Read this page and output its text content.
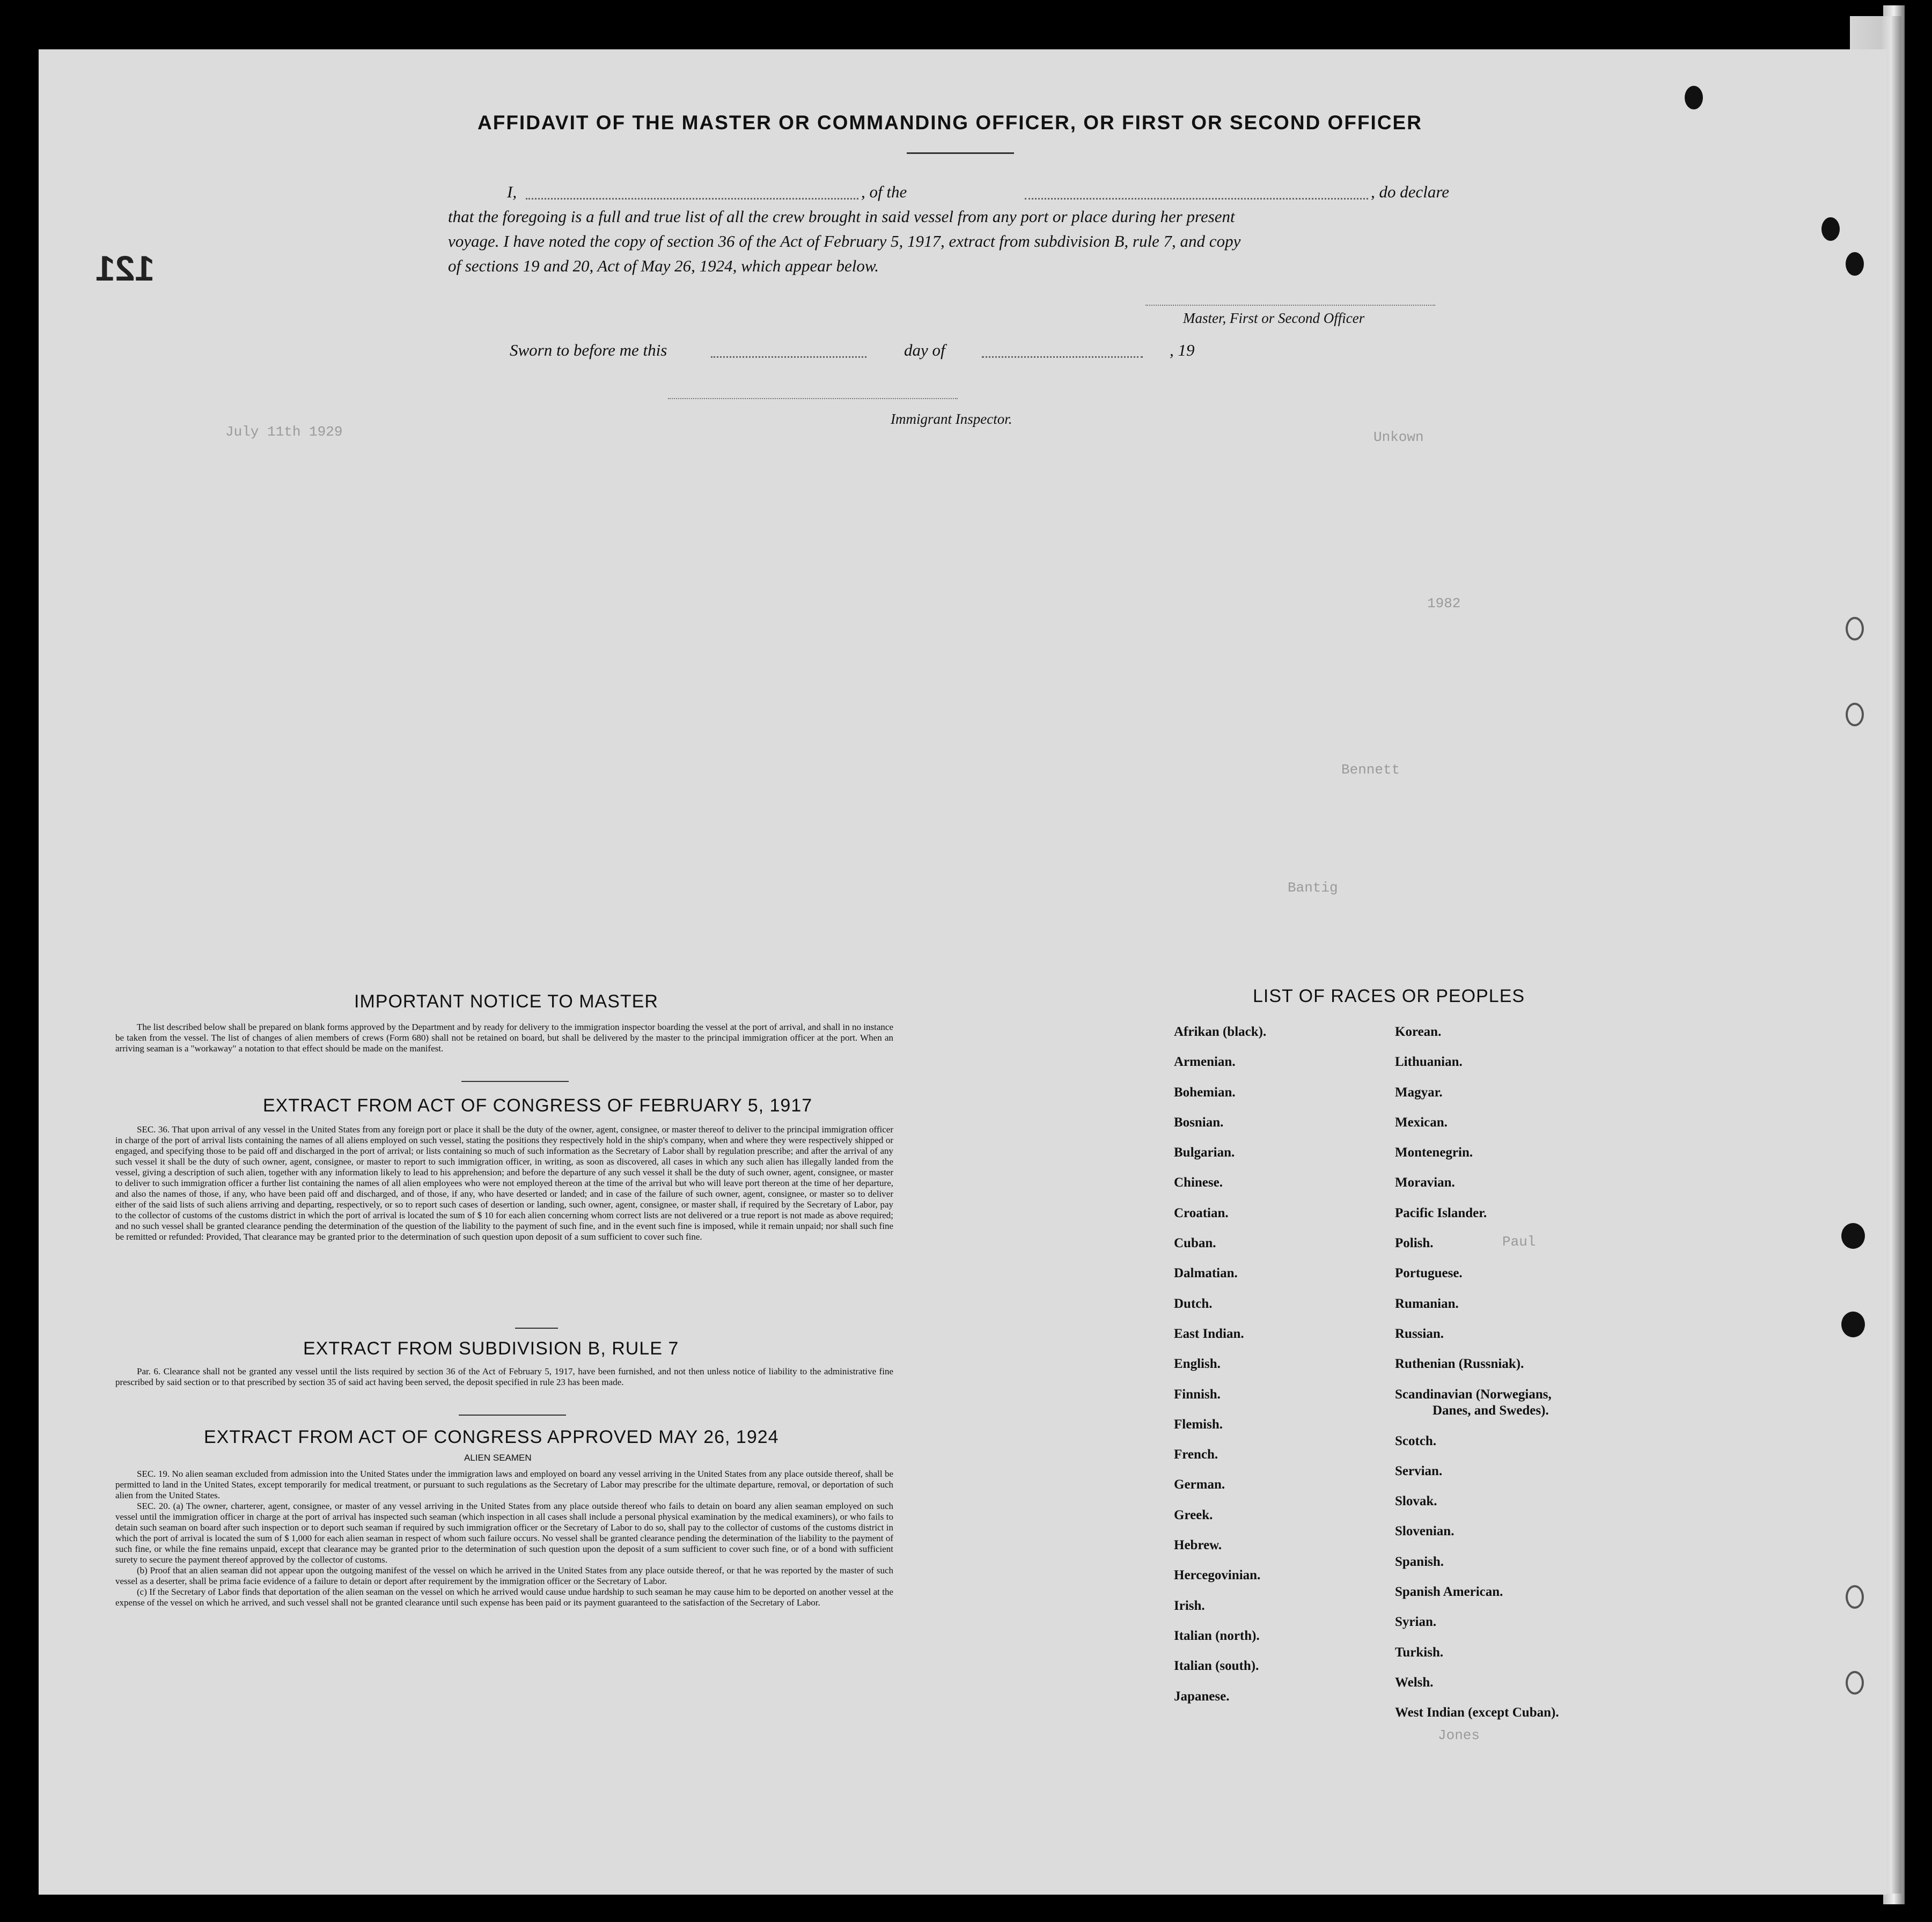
July 11th 1929	Unkown
1982
Bennett
Bantig
Paul
Jones
121
AFFIDAVIT OF THE MASTER OR COMMANDING OFFICER, OR FIRST OR SECOND OFFICER
I,	, of the	, do declare
that the foregoing is a full and true list of all the crew brought in said vessel from any port or place during her present
voyage. I have noted the copy of section 36 of the Act of February 5, 1917, extract from subdivision B, rule 7, and copy
of sections 19 and 20, Act of May 26, 1924, which appear below.
Master, First or Second Officer
Sworn to before me this	day of	, 19
Immigrant Inspector.
IMPORTANT NOTICE TO MASTER

The list described below shall be prepared on blank forms approved by the Department and by ready for delivery to the immigration inspector boarding the vessel at the port of arrival, and shall in no instance be taken from the vessel. The list of changes of alien members of crews (Form 680) shall not be retained on board, but shall be delivered by the master to the principal immigration officer at the port. When an arriving seaman is a "workaway" a notation to that effect should be made on the manifest.

EXTRACT FROM ACT OF CONGRESS OF FEBRUARY 5, 1917

SEC. 36. That upon arrival of any vessel in the United States from any foreign port or place it shall be the duty of the owner, agent, consignee, or master thereof to deliver to the principal immigration officer in charge of the port of arrival lists containing the names of all aliens employed on such vessel, stating the positions they respectively hold in the ship's company, when and where they were respectively shipped or engaged, and specifying those to be paid off and discharged in the port of arrival; or lists containing so much of such information as the Secretary of Labor shall by regulation prescribe; and after the arrival of any such vessel it shall be the duty of such owner, agent, consignee, or master to report to such immigration officer, in writing, as soon as discovered, all cases in which any such alien has illegally landed from the vessel, giving a description of such alien, together with any information likely to lead to his apprehension; and before the departure of any such vessel it shall be the duty of such owner, agent, consignee, or master to deliver to such immigration officer a further list containing the names of all alien employees who were not employed thereon at the time of the arrival but who will leave port thereon at the time of her departure, and also the names of those, if any, who have been paid off and discharged, and of those, if any, who have deserted or landed; and in case of the failure of such owner, agent, consignee, or master so to deliver either of the said lists of such aliens arriving and departing, respectively, or so to report such cases of desertion or landing, such owner, agent, consignee, or master shall, if required by the Secretary of Labor, pay to the collector of customs of the customs district in which the port of arrival is located the sum of $ 10 for each alien concerning whom correct lists are not delivered or a true report is not made as above required; and no such vessel shall be granted clearance pending the determination of the question of the liability to the payment of such fine, and in the event such fine is imposed, while it remain unpaid; nor shall such fine be remitted or refunded: Provided, That clearance may be granted prior to the determination of such question upon deposit of a sum sufficient to cover such fine.

EXTRACT FROM SUBDIVISION B, RULE 7

Par. 6. Clearance shall not be granted any vessel until the lists required by section 36 of the Act of February 5, 1917, have been furnished, and not then unless notice of liability to the administrative fine prescribed by said section or to that prescribed by section 35 of said act having been served, the deposit specified in rule 23 has been made.

EXTRACT FROM ACT OF CONGRESS APPROVED MAY 26, 1924
ALIEN SEAMEN

SEC. 19. No alien seaman excluded from admission into the United States under the immigration laws and employed on board any vessel arriving in the United States from any place outside thereof, shall be permitted to land in the United States, except temporarily for medical treatment, or pursuant to such regulations as the Secretary of Labor may prescribe for the ultimate departure, removal, or deportation of such alien from the United States.

SEC. 20. (a) The owner, charterer, agent, consignee, or master of any vessel arriving in the United States from any place outside thereof who fails to detain on board any alien seaman employed on such vessel until the immigration officer in charge at the port of arrival has inspected such seaman (which inspection in all cases shall include a personal physical examination by the medical examiners), or who fails to detain such seaman on board after such inspection or to deport such seaman if required by such immigration officer or the Secretary of Labor to do so, shall pay to the collector of customs of the customs district in which the port of arrival is located the sum of $ 1,000 for each alien seaman in respect of whom such failure occurs. No vessel shall be granted clearance pending the determination of the liability to the payment of such fine, or while the fine remains unpaid, except that clearance may be granted prior to the determination of such question upon the deposit of a sum sufficient to cover such fine, or of a bond with sufficient surety to secure the payment thereof approved by the collector of customs.

(b) Proof that an alien seaman did not appear upon the outgoing manifest of the vessel on which he arrived in the United States from any place outside thereof, or that he was reported by the master of such vessel as a deserter, shall be prima facie evidence of a failure to detain or deport after requirement by the immigration officer or the Secretary of Labor.

(c) If the Secretary of Labor finds that deportation of the alien seaman on the vessel on which he arrived would cause undue hardship to such seaman he may cause him to be deported on another vessel at the expense of the vessel on which he arrived, and such vessel shall not be granted clearance until such expense has been paid or its payment guaranteed to the satisfaction of the Secretary of Labor.

LIST OF RACES OR PEOPLES
Afrikan (black).
Armenian.
Bohemian.
Bosnian.
Bulgarian.
Chinese.
Croatian.
Cuban.
Dalmatian.
Dutch.
East Indian.
English.
Finnish.
Flemish.
French.
German.
Greek.
Hebrew.
Hercegovinian.
Irish.
Italian (north).
Italian (south).
Japanese.
Korean.
Lithuanian.
Magyar.
Mexican.
Montenegrin.
Moravian.
Pacific Islander.
Polish.
Portuguese.
Rumanian.
Russian.
Ruthenian (Russniak).
Scandinavian (Norwegians,
Danes, and Swedes).
Scotch.
Servian.
Slovak.
Slovenian.
Spanish.
Spanish American.
Syrian.
Turkish.
Welsh.
West Indian (except Cuban).
